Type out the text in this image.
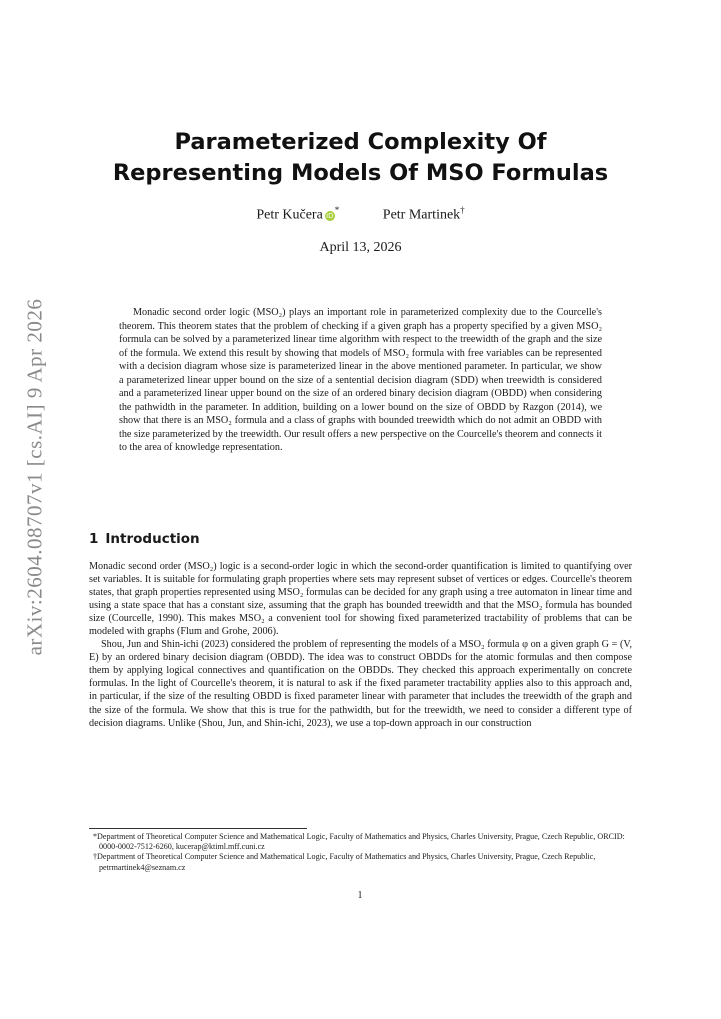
arXiv:2604.08707v1 [cs.AI] 9 Apr 2026
Parameterized Complexity Of Representing Models Of MSO Formulas
Petr Kučera iD*	Petr Martinek†
April 13, 2026

Monadic second order logic (MSO₂) plays an important role in parameterized complexity due to the Courcelle's theorem. This theorem states that the problem of checking if a given graph has a property specified by a given MSO₂ formula can be solved by a parameterized linear time algorithm with respect to the treewidth of the graph and the size of the formula. We extend this result by showing that models of MSO₂ formula with free variables can be represented with a decision diagram whose size is parameterized linear in the above mentioned parameter. In particular, we show a parameterized linear upper bound on the size of a sentential decision diagram (SDD) when treewidth is considered and a parameterized linear upper bound on the size of an ordered binary decision diagram (OBDD) when considering the pathwidth in the parameter. In addition, building on a lower bound on the size of OBDD by Razgon (2014), we show that there is an MSO₂ formula and a class of graphs with bounded treewidth which do not admit an OBDD with the size parameterized by the treewidth. Our result offers a new perspective on the Courcelle's theorem and connects it to the area of knowledge representation.

1 Introduction

Monadic second order (MSO₂) logic is a second-order logic in which the second-order quantification is limited to quantifying over set variables. It is suitable for formulating graph properties where sets may represent subset of vertices or edges. Courcelle's theorem states, that graph properties represented using MSO₂ formulas can be decided for any graph using a tree automaton in linear time and using a state space that has a constant size, assuming that the graph has bounded treewidth and that the MSO₂ formula has bounded size (Courcelle, 1990). This makes MSO₂ a convenient tool for showing fixed parameterized tractability of problems that can be modeled with graphs (Flum and Grohe, 2006).

Shou, Jun and Shin-ichi (2023) considered the problem of representing the models of a MSO₂ formula φ on a given graph G = (V, E) by an ordered binary decision diagram (OBDD). The idea was to construct OBDDs for the atomic formulas and then compose them by applying logical connectives and quantification on the OBDDs. They checked this approach experimentally on concrete formulas. In the light of Courcelle's theorem, it is natural to ask if the fixed parameter tractability applies also to this approach and, in particular, if the size of the resulting OBDD is fixed parameter linear with parameter that includes the treewidth of the graph and the size of the formula. We show that this is true for the pathwidth, but for the treewidth, we need to consider a different type of decision diagrams. Unlike (Shou, Jun, and Shin-ichi, 2023), we use a top-down approach in our construction

*Department of Theoretical Computer Science and Mathematical Logic, Faculty of Mathematics and Physics, Charles University, Prague, Czech Republic, ORCID: 0000-0002-7512-6260, kucerap@ktiml.mff.cuni.cz

†Department of Theoretical Computer Science and Mathematical Logic, Faculty of Mathematics and Physics, Charles University, Prague, Czech Republic, petrmartinek4@seznam.cz

1
